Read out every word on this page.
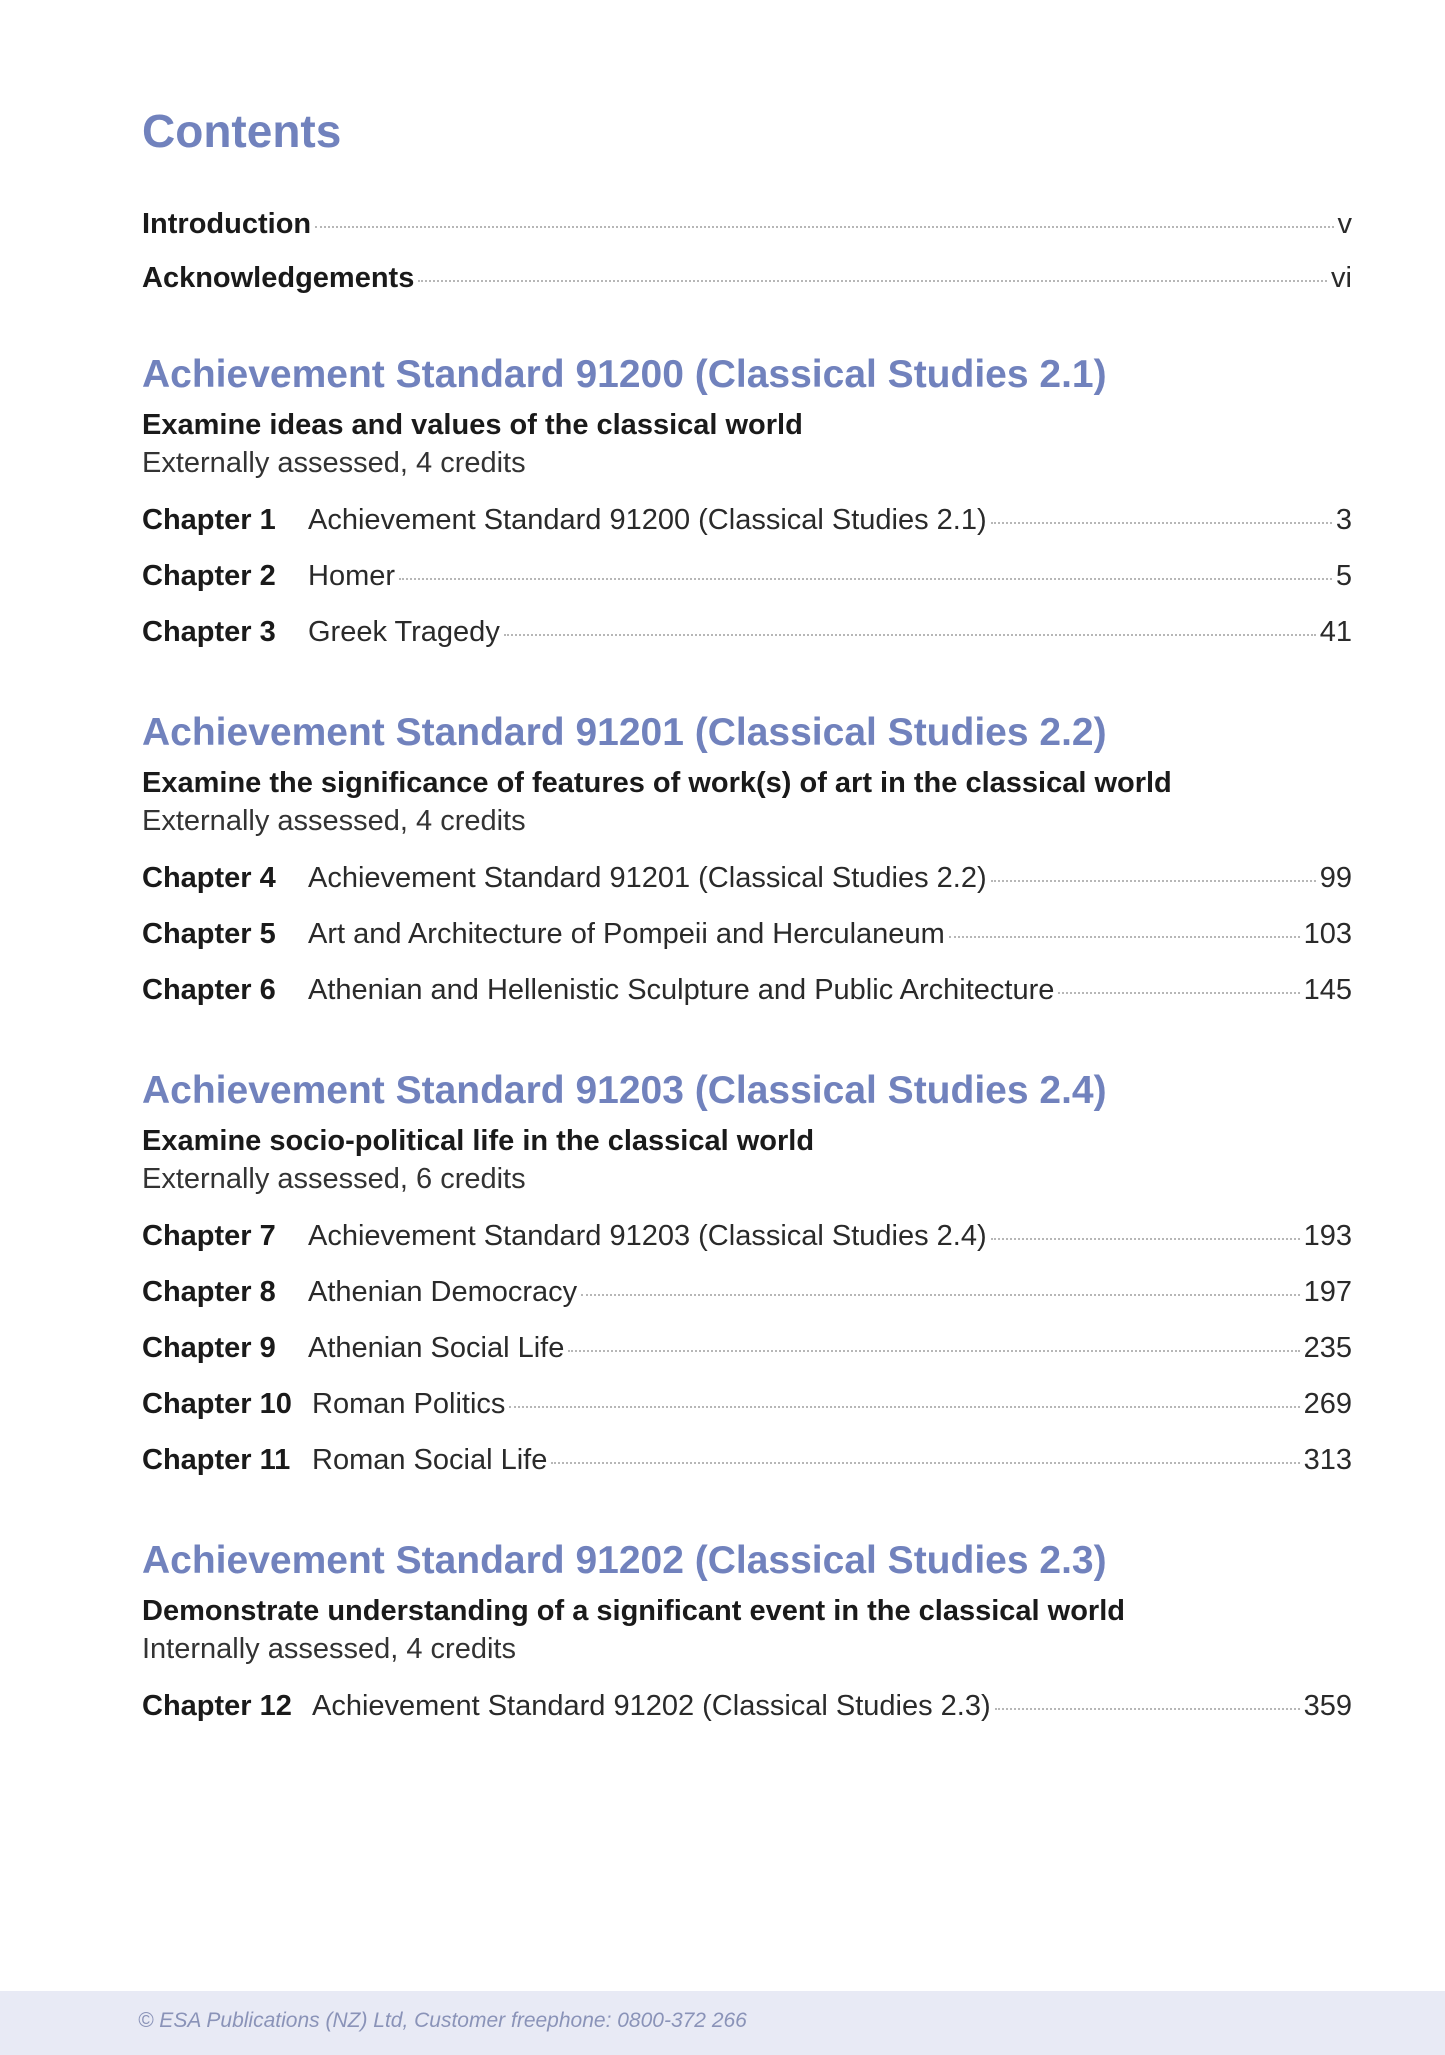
Contents
Introduction	v
Acknowledgements	vi
Achievement Standard 91200 (Classical Studies 2.1)
Examine ideas and values of the classical world
Externally assessed, 4 credits
Chapter 1	Achievement Standard 91200 (Classical Studies 2.1)	3
Chapter 2	Homer	5
Chapter 3	Greek Tragedy	41
Achievement Standard 91201 (Classical Studies 2.2)
Examine the significance of features of work(s) of art in the classical world
Externally assessed, 4 credits
Chapter 4	Achievement Standard 91201 (Classical Studies 2.2)	99
Chapter 5	Art and Architecture of Pompeii and Herculaneum	103
Chapter 6	Athenian and Hellenistic Sculpture and Public Architecture	145
Achievement Standard 91203 (Classical Studies 2.4)
Examine socio-political life in the classical world
Externally assessed, 6 credits
Chapter 7	Achievement Standard 91203 (Classical Studies 2.4)	193
Chapter 8	Athenian Democracy	197
Chapter 9	Athenian Social Life	235
Chapter 10 Roman Politics	269
Chapter 11 Roman Social Life	313
Achievement Standard 91202 (Classical Studies 2.3)
Demonstrate understanding of a significant event in the classical world
Internally assessed, 4 credits
Chapter 12 Achievement Standard 91202 (Classical Studies 2.3)	359
© ESA Publications (NZ) Ltd, Customer freephone: 0800-372 266
